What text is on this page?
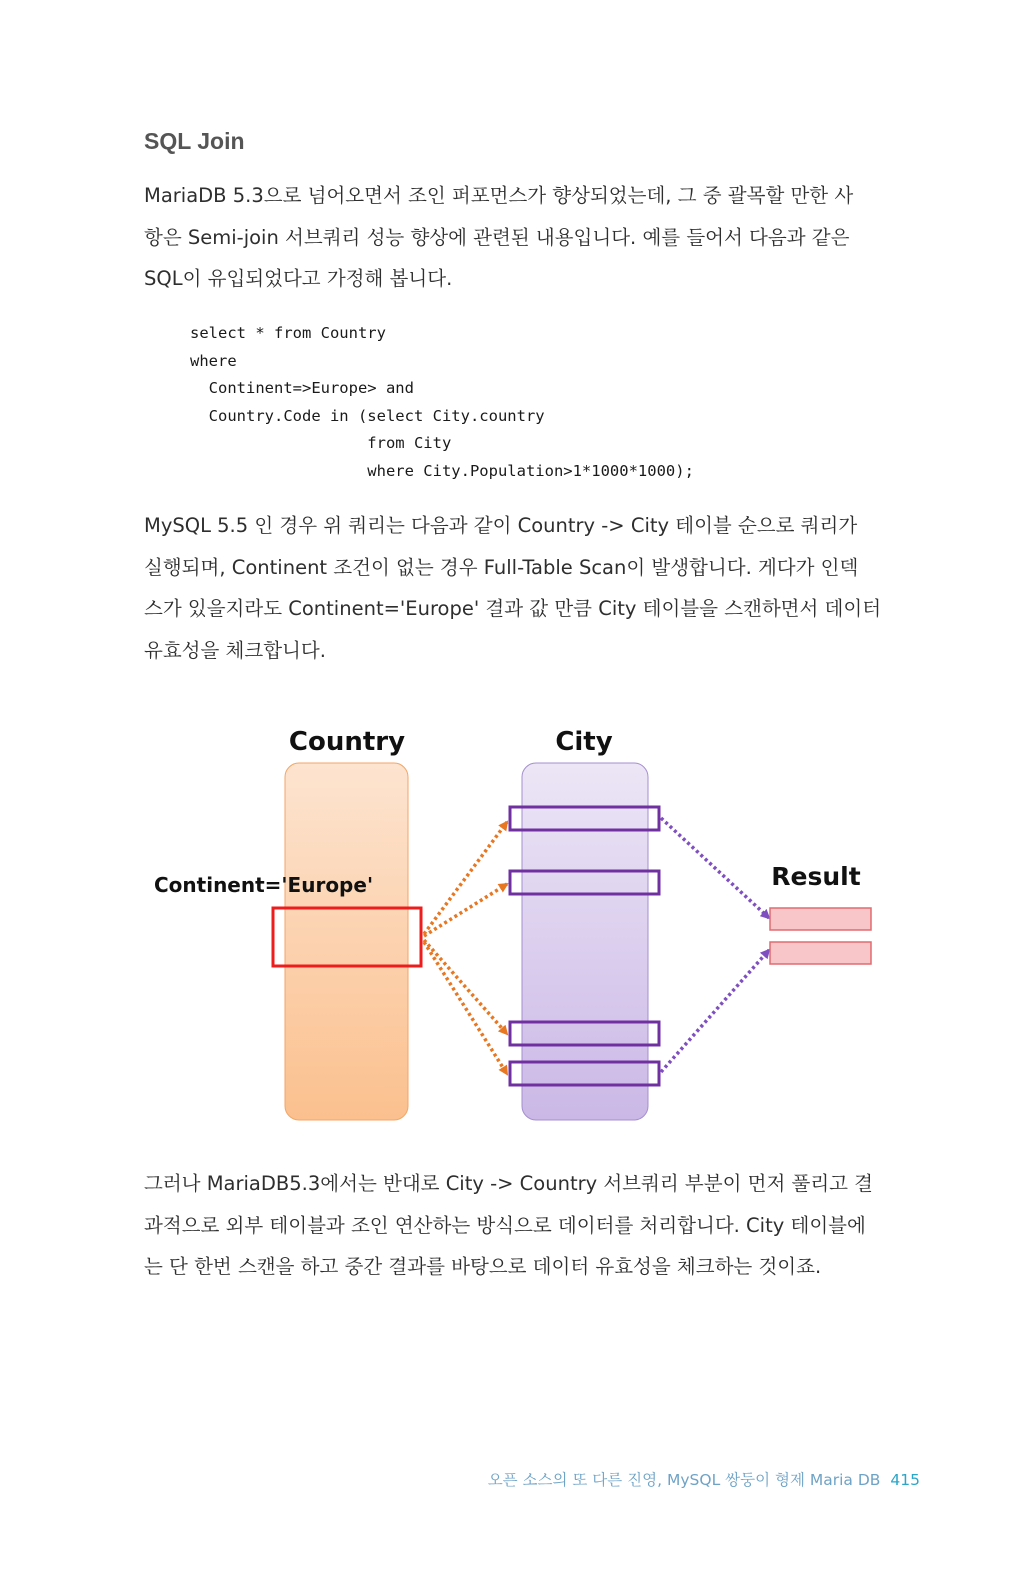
SQL Join
MariaDB 5.3으로 넘어오면서 조인 퍼포먼스가 향상되었는데, 그 중 괄목할 만한 사
항은 Semi-join 서브쿼리 성능 향상에 관련된 내용입니다. 예를 들어서 다음과 같은
SQL이 유입되었다고 가정해 봅니다.
select * from Country
where
Continent=>Europe> and
Country.Code in (select City.country
from City
where City.Population>1*1000*1000);
MySQL 5.5 인 경우 위 쿼리는 다음과 같이 Country -> City 테이블 순으로 쿼리가
실행되며, Continent 조건이 없는 경우 Full-Table Scan이 발생합니다. 게다가 인덱
스가 있을지라도 Continent='Europe' 결과 값 만큼 City 테이블을 스캔하면서 데이터
유효성을 체크합니다.
Country	City
Result
Continent='Europe'
그러나 MariaDB5.3에서는 반대로 City -> Country 서브쿼리 부분이 먼저 풀리고 결
과적으로 외부 테이블과 조인 연산하는 방식으로 데이터를 처리합니다. City 테이블에
는 단 한번 스캔을 하고 중간 결과를 바탕으로 데이터 유효성을 체크하는 것이죠.
오픈 소스의 또 다른 진영, MySQL 쌍둥이 형제 Maria DB 415
